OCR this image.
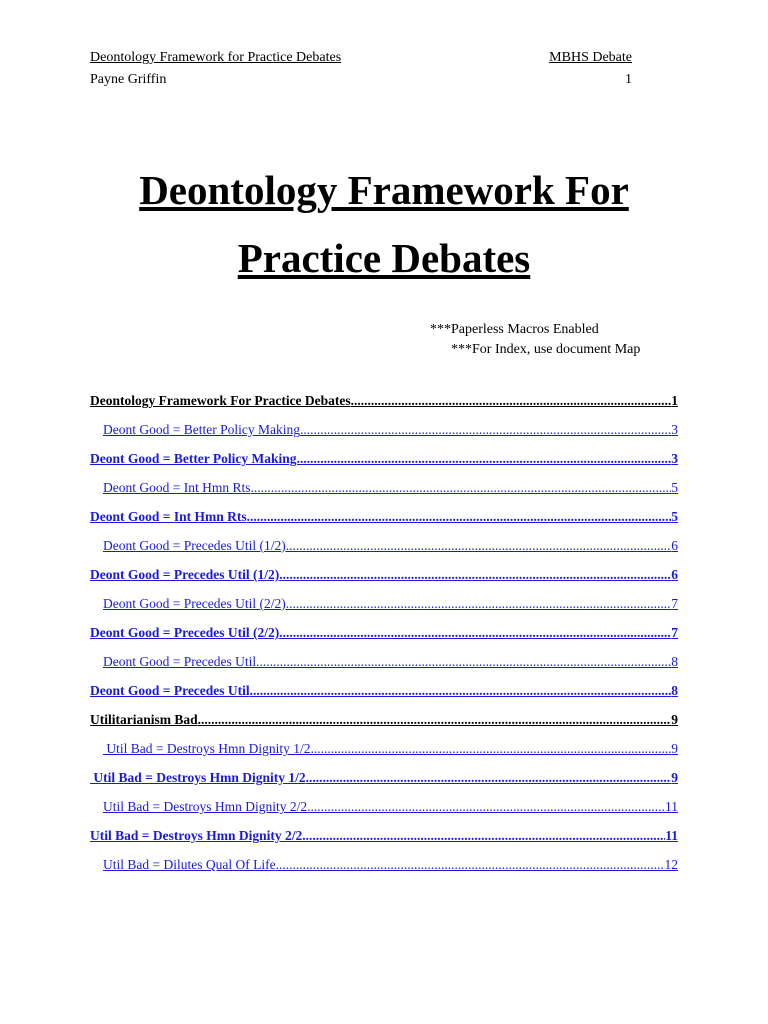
Deontology Framework for Practice Debates	MBHS Debate
Payne Griffin	1
Deontology Framework For
Practice Debates
***Paperless Macros Enabled
***For Index, use document Map
Deontology Framework For Practice Debates .....	1
Deont Good = Better Policy Making .....	3
Deont Good = Better Policy Making .....	3
Deont Good = Int Hmn Rts .....	5
Deont Good = Int Hmn Rts .....	5
Deont Good = Precedes Util (1/2) .....	6
Deont Good = Precedes Util (1/2) .....	6
Deont Good = Precedes Util (2/2) .....	7
Deont Good = Precedes Util (2/2) .....	7
Deont Good = Precedes Util .....	8
Deont Good = Precedes Util .....	8
Utilitarianism Bad .....	9
Util Bad = Destroys Hmn Dignity 1/2 .....	9
Util Bad = Destroys Hmn Dignity 1/2 .....	9
Util Bad = Destroys Hmn Dignity 2/2 .....	11
Util Bad = Destroys Hmn Dignity 2/2 .....	11
Util Bad = Dilutes Qual Of Life .....	12
